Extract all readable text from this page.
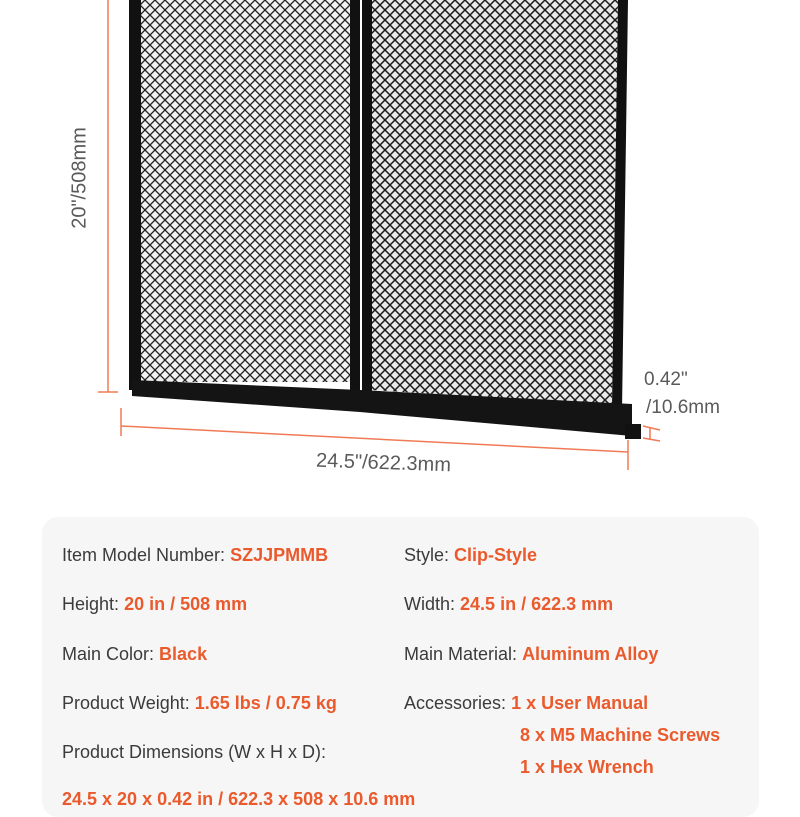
20"/508mm
24.5"/622.3mm
0.42"
/10.6mm
Item Model Number: SZJJPMMB	Style: Clip-Style
Height: 20 in / 508 mm	Width: 24.5 in / 622.3 mm
Main Color: Black	Main Material: Aluminum Alloy
Product Weight: 1.65 lbs / 0.75 kg	Accessories: 1 x User Manual
8 x M5 Machine Screws
1 x Hex Wrench
Product Dimensions (W x H x D):
24.5 x 20 x 0.42 in / 622.3 x 508 x 10.6 mm
